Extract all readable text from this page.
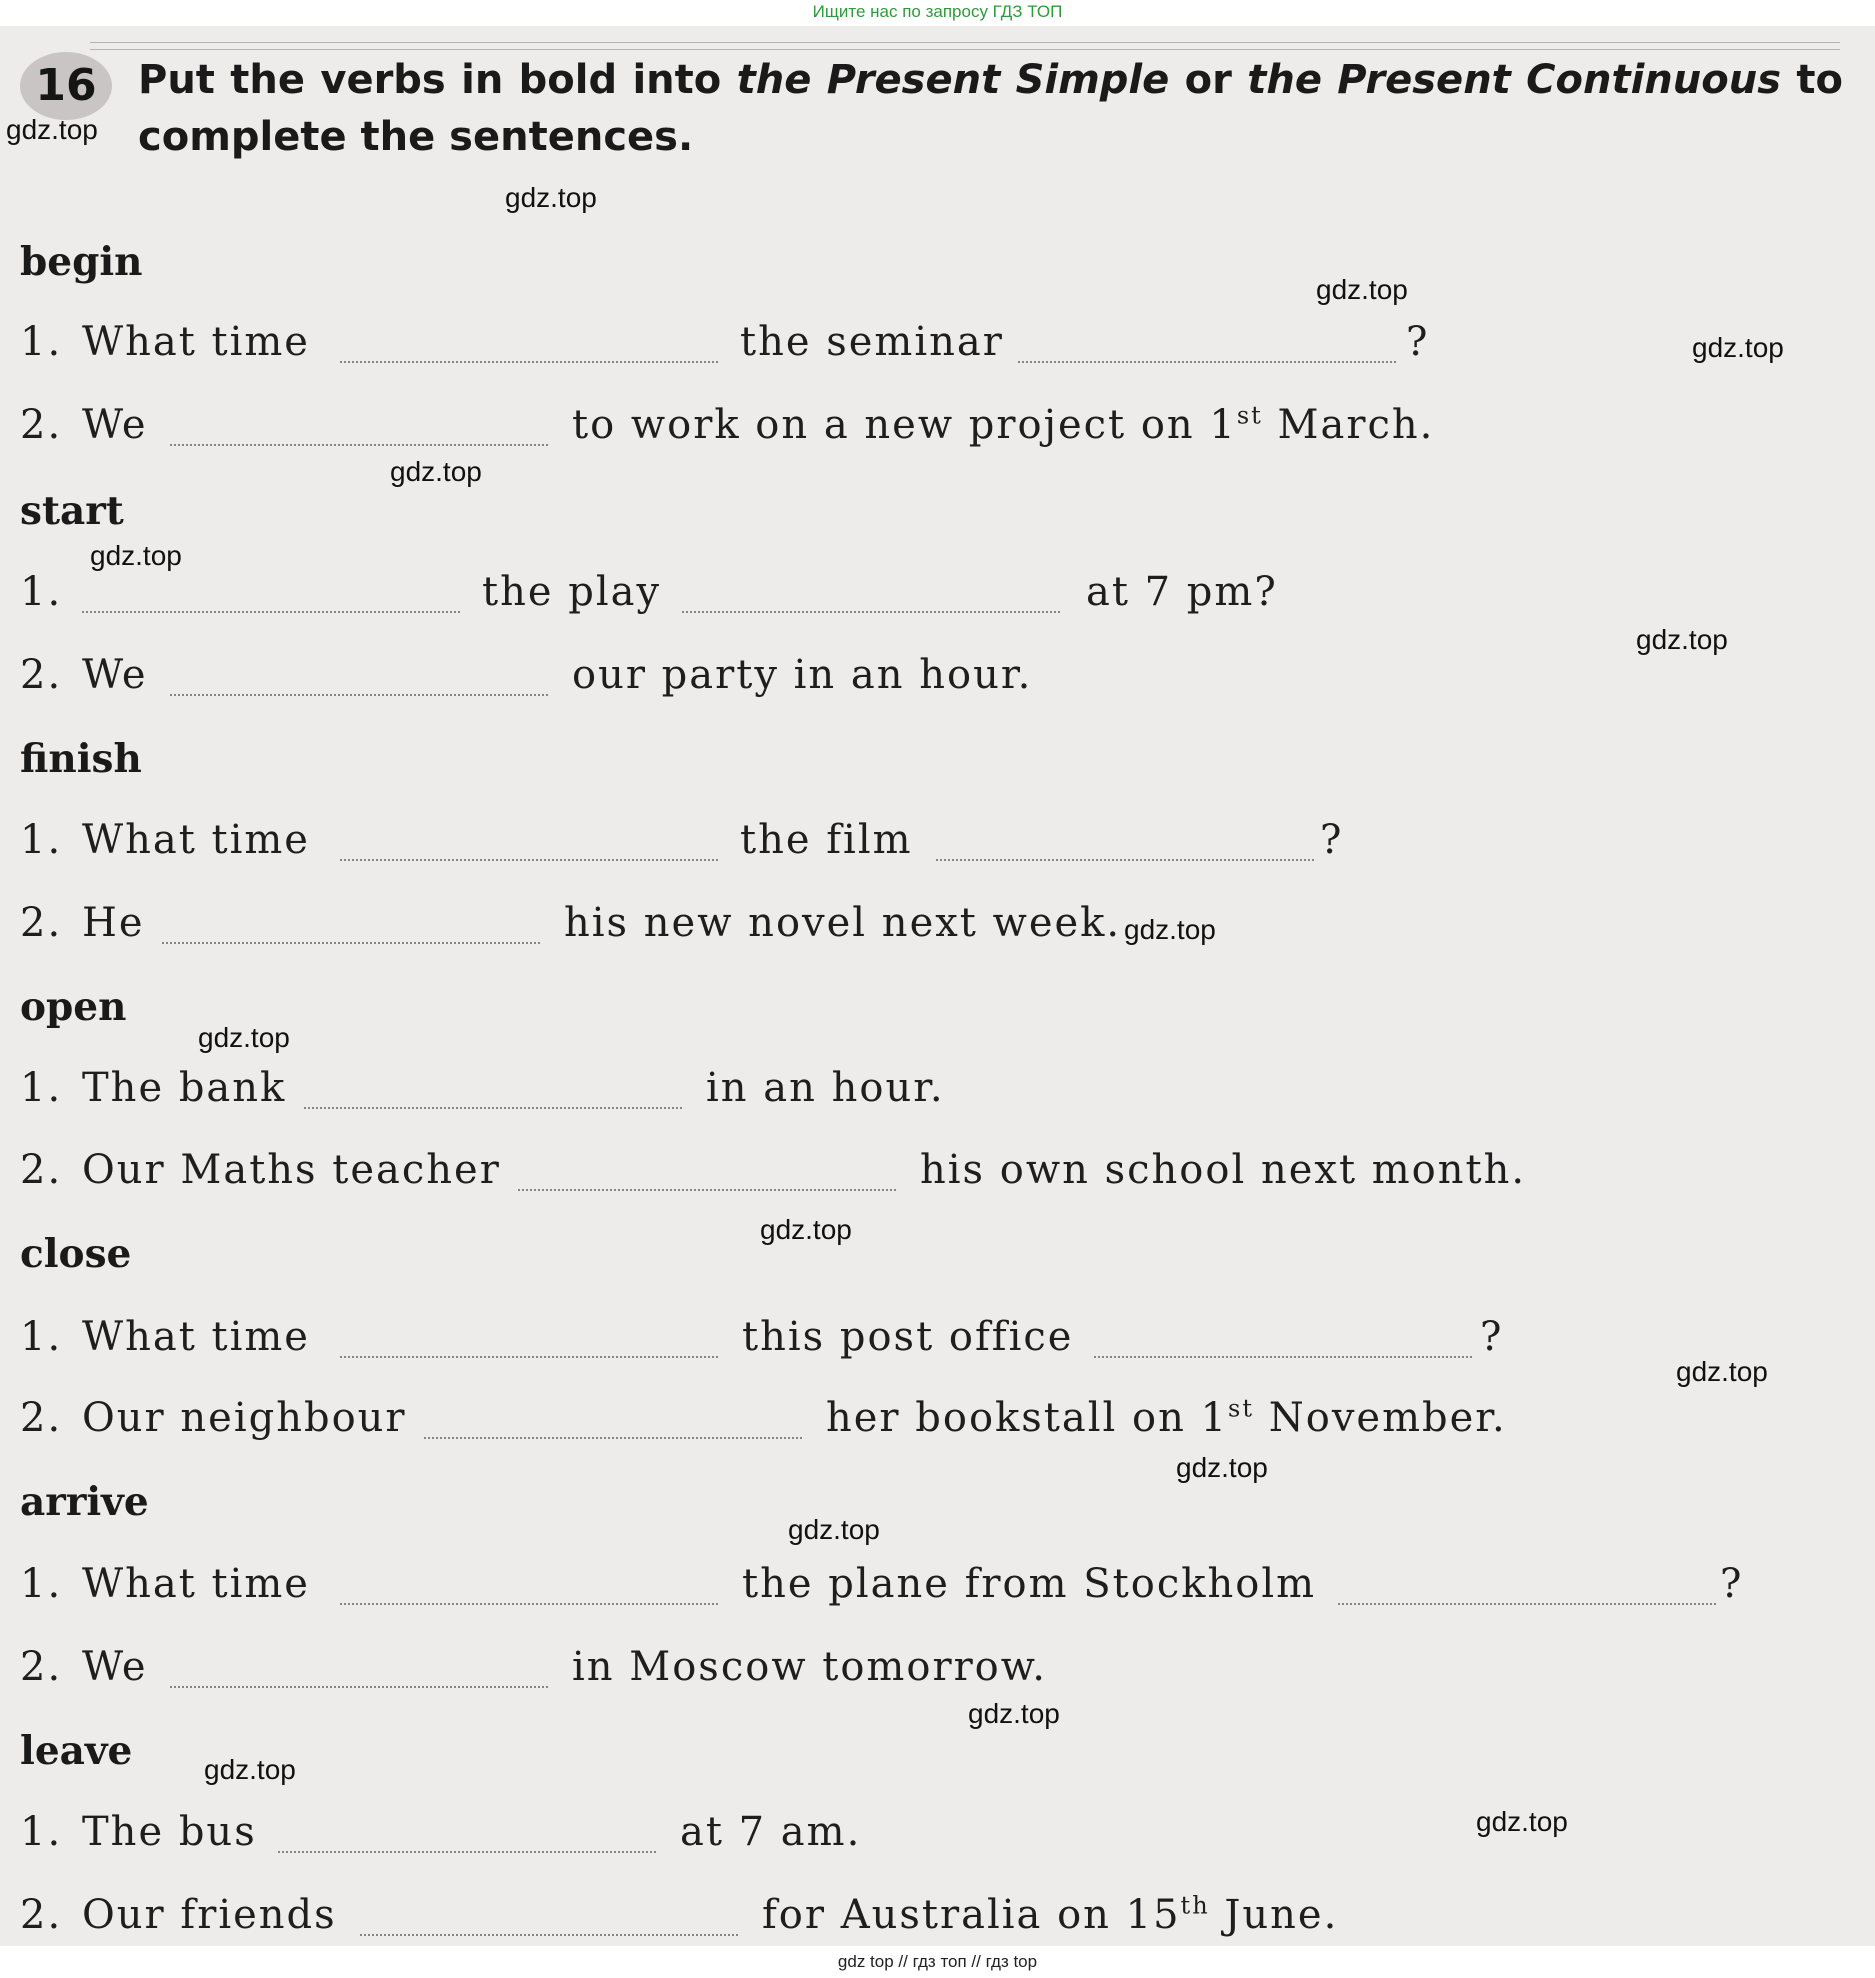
Ищите нас по запросу ГДЗ ТОП
16	Put the verbs in bold into the Present Simple or the Present Continuous to complete the sentences.
begin
1. What time	the seminar	?
2. We	to work on a new project on 1st March.
start
1.	the play	at 7 pm?
2. We	our party in an hour.
finish
1. What time	the film	?
2. He	his new novel next week.
open
1. The bank	in an hour.
2. Our Maths teacher	his own school next month.
close
1. What time	this post office	?
2. Our neighbour	her bookstall on 1st November.
arrive
1. What time	the plane from Stockholm	?
2. We	in Moscow tomorrow.
leave
1. The bus	at 7 am.
2. Our friends	for Australia on 15th June.
gdz.top
gdz.top
gdz.top
gdz.top
gdz.top
gdz.top
gdz.top
gdz.top
gdz.top
gdz.top
gdz.top
gdz.top
gdz.top
gdz.top
gdz.top
gdz.top
gdz top // гдз топ // гдз top
